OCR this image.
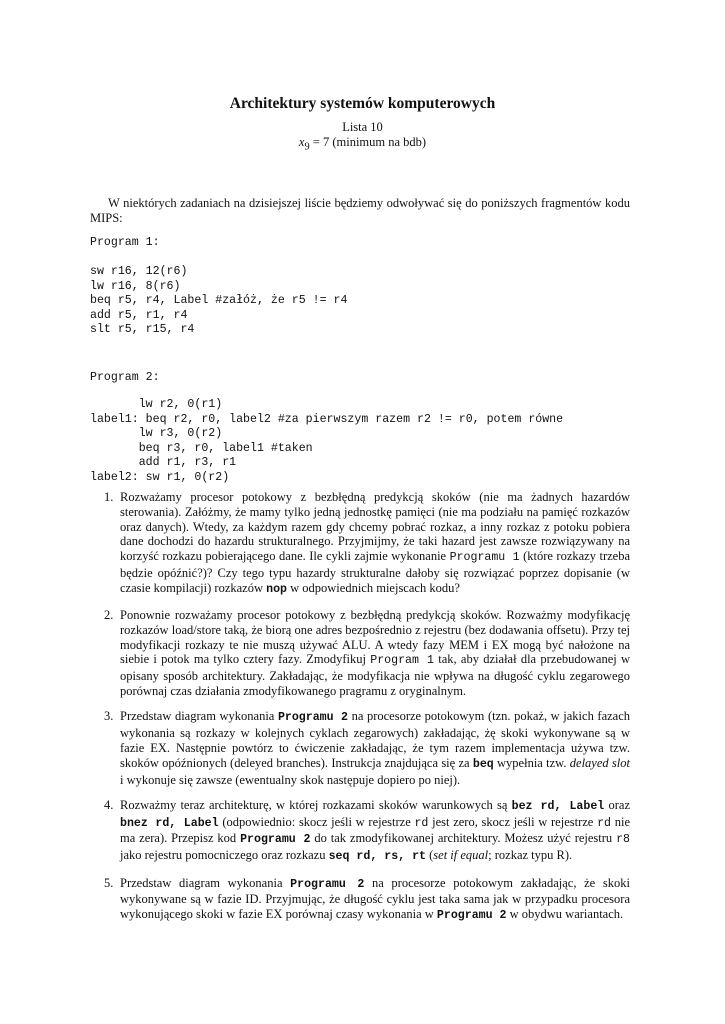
Architektury systemów komputerowych
Lista 10
$x_9 = 7$ (minimum na bdb)
W niektórych zadaniach na dzisiejszej liście będziemy odwoływać się do poniższych fragmentów kodu MIPS:
Program 1:
sw r16, 12(r6)
lw r16, 8(r6)
beq r5, r4, Label #załóż, że r5 != r4
add r5, r1, r4
slt r5, r15, r4
Program 2:
lw r2, 0(r1)
label1: beq r2, r0, label2 #za pierwszym razem r2 != r0, potem równe
lw r3, 0(r2)
beq r3, r0, label1 #taken
add r1, r3, r1
label2: sw r1, 0(r2)
1. Rozważamy procesor potokowy z bezbłędną predykcją skoków (nie ma żadnych hazardów sterowania). Załóżmy, że mamy tylko jedną jednostkę pamięci (nie ma podziału na pamięć rozkazów oraz danych). Wtedy, za każdym razem gdy chcemy pobrać rozkaz, a inny rozkaz z potoku pobiera dane dochodzi do hazardu strukturalnego. Przyjmijmy, że taki hazard jest zawsze rozwiązywany na korzyść rozkazu pobierającego dane. Ile cykli zajmie wykonanie Programu 1 (które rozkazy trzeba będzie opóźnić?)? Czy tego typu hazardy strukturalne dałoby się rozwiązać poprzez dopisanie (w czasie kompilacji) rozkazów nop w odpowiednich miejscach kodu?
2. Ponownie rozważamy procesor potokowy z bezbłędną predykcją skoków. Rozważmy modyfikację rozkazów load/store taką, że biorą one adres bezpośrednio z rejestru (bez dodawania offsetu). Przy tej modyfikacji rozkazy te nie muszą używać ALU. A wtedy fazy MEM i EX mogą być nałożone na siebie i potok ma tylko cztery fazy. Zmodyfikuj Program 1 tak, aby działał dla przebudowanej w opisany sposób architektury. Zakładając, że modyfikacja nie wpływa na długość cyklu zegarowego porównaj czas działania zmodyfikowanego pragramu z oryginalnym.
3. Przedstaw diagram wykonania Programu 2 na procesorze potokowym (tzn. pokaż, w jakich fazach wykonania są rozkazy w kolejnych cyklach zegarowych) zakładając, żę skoki wykonywane są w fazie EX. Następnie powtórz to ćwiczenie zakładając, że tym razem implementacja używa tzw. skoków opóźnionych (deleyed branches). Instrukcja znajdująca się za beq wypełnia tzw. delayed slot i wykonuje się zawsze (ewentualny skok następuje dopiero po niej).
4. Rozważmy teraz architekturę, w której rozkazami skoków warunkowych są bez rd, Label oraz bnez rd, Label (odpowiednio: skocz jeśli w rejestrze rd jest zero, skocz jeśli w rejestrze rd nie ma zera). Przepisz kod Programu 2 do tak zmodyfikowanej architektury. Możesz użyć rejestru r8 jako rejestru pomocniczego oraz rozkazu seq rd, rs, rt (set if equal; rozkaz typu R).
5. Przedstaw diagram wykonania Programu 2 na procesorze potokowym zakładając, że skoki wykonywane są w fazie ID. Przyjmując, że długość cyklu jest taka sama jak w przypadku procesora wykonującego skoki w fazie EX porównaj czasy wykonania w Programu 2 w obydwu wariantach.
